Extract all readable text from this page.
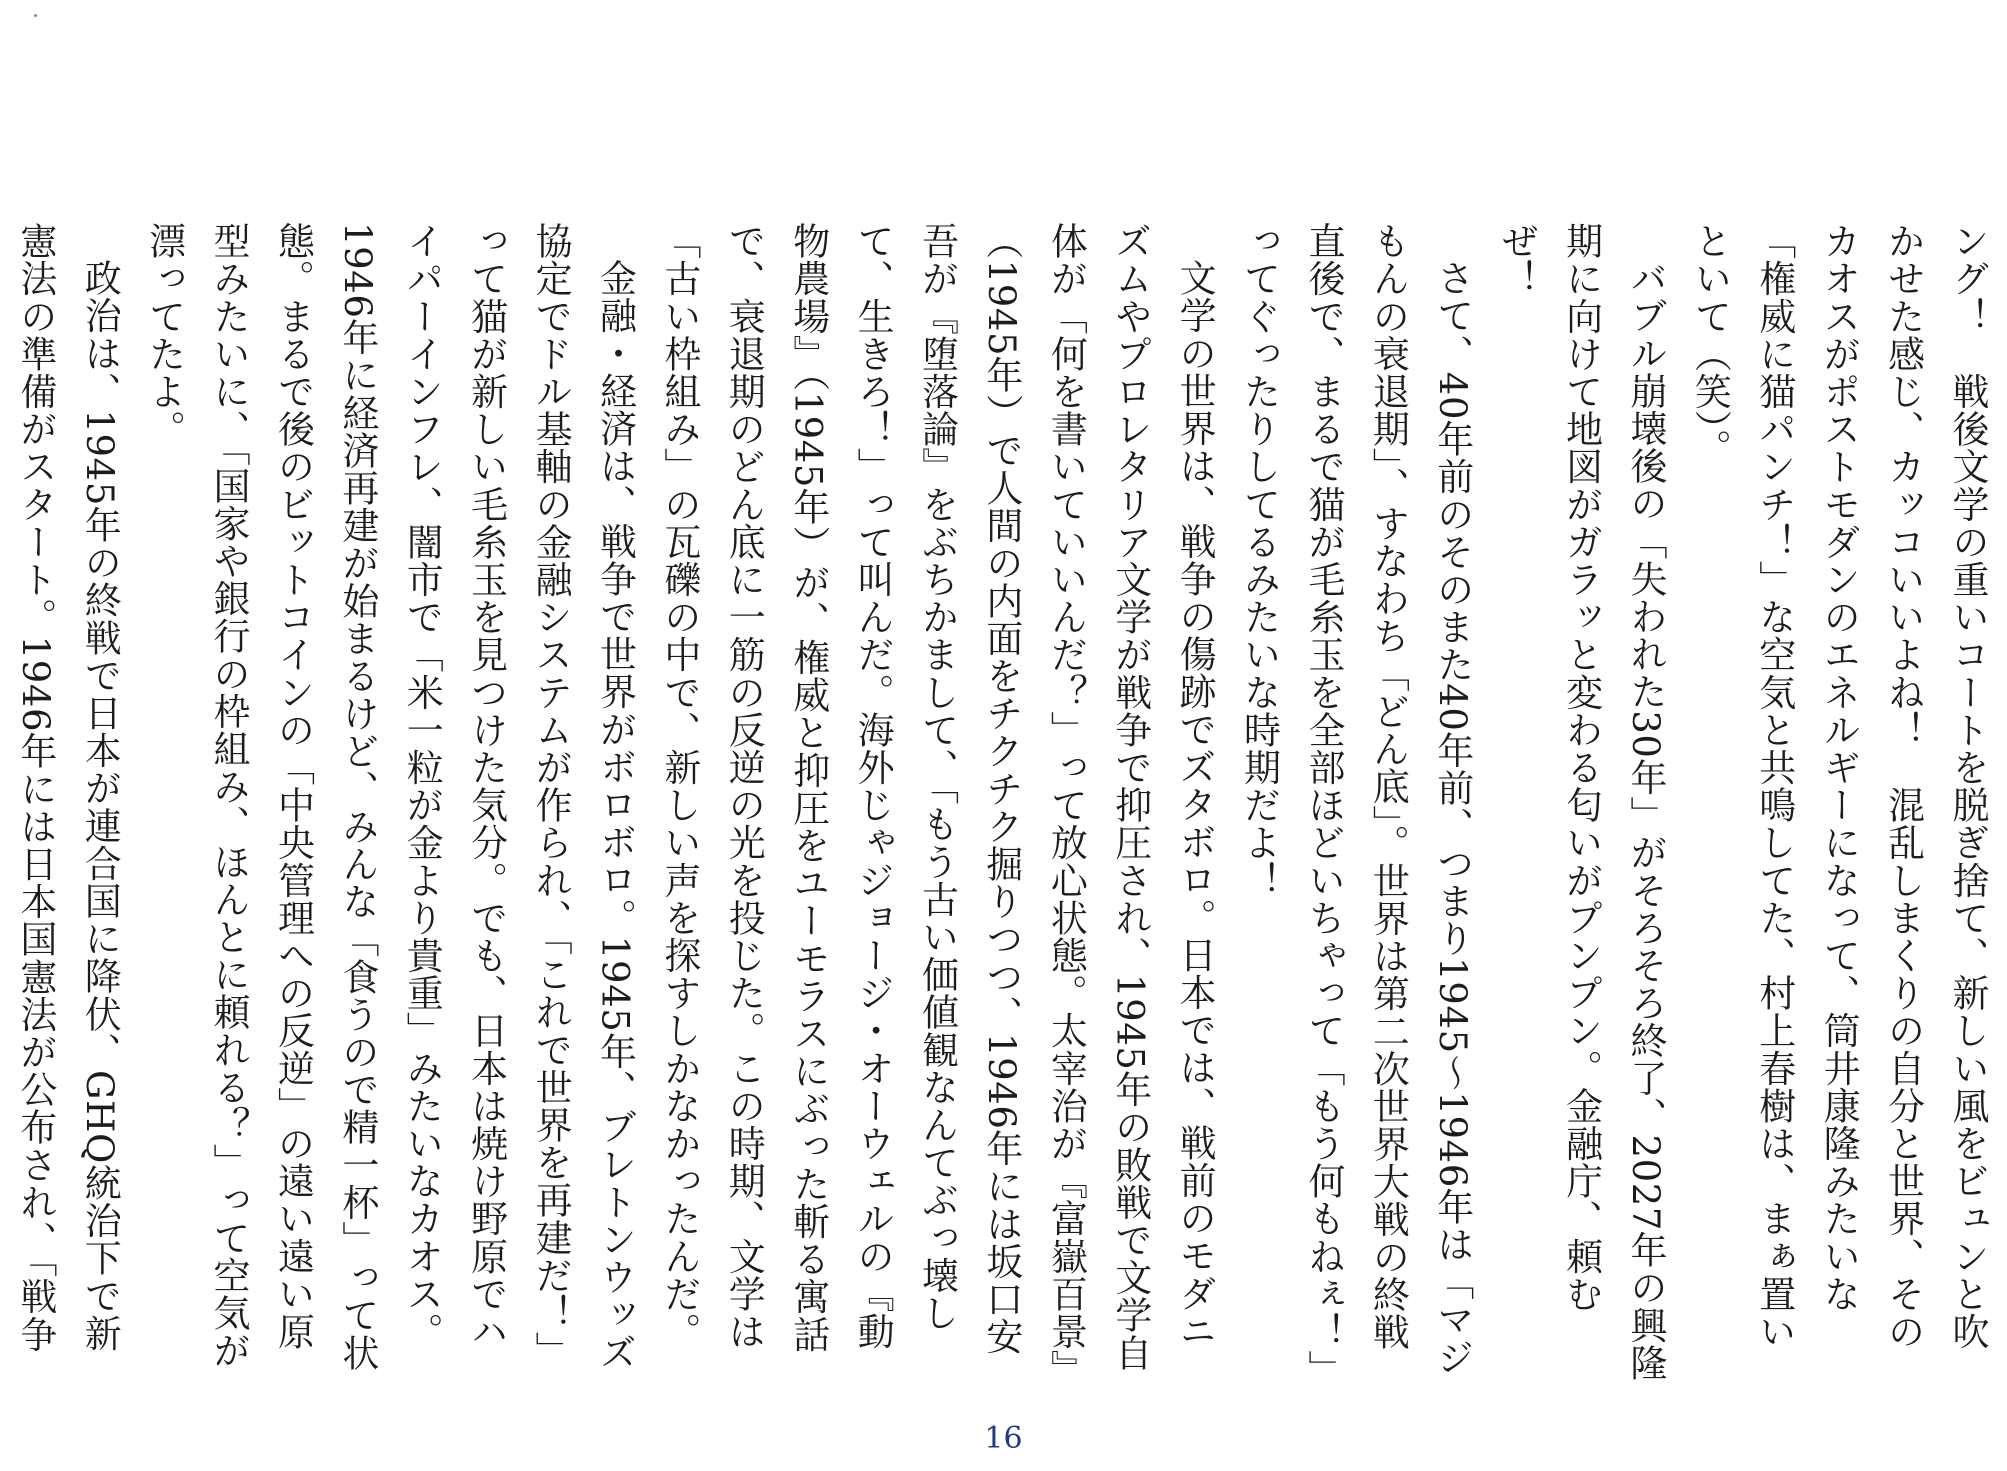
ング！　戦後文学の重いコートを脱ぎ捨て、新しい風をビュンと吹かせた感じ、カッコいいよね！　混乱しまくりの自分と世界、そのカオスがポストモダンのエネルギーになって、筒井康隆みたいな「権威に猫パンチ！」な空気と共鳴してた、村上春樹は、まぁ置いといて（笑）。

バブル崩壊後の「失われた30年」がそろそろ終了、2027年の興隆期に向けて地図がガラッと変わる匂いがプンプン。金融庁、頼むぜ！

さて、40年前のそのまた40年前、つまり1945～1946年は「マジもんの衰退期」、すなわち「どん底」。世界は第二次世界大戦の終戦直後で、まるで猫が毛糸玉を全部ほどいちゃって「もう何もねぇ！」ってぐったりしてるみたいな時期だよ！

文学の世界は、戦争の傷跡でズタボロ。日本では、戦前のモダニズムやプロレタリア文学が戦争で抑圧され、1945年の敗戦で文学自体が「何を書いていいんだ？」って放心状態。太宰治が『富嶽百景』（1945年）で人間の内面をチクチク掘りつつ、1946年には坂口安吾が『堕落論』をぶちかまして、「もう古い価値観なんてぶっ壊して、生きろ！」って叫んだ。海外じゃジョージ・オーウェルの『動物農場』（1945年）が、権威と抑圧をユーモラスにぶった斬る寓話で、衰退期のどん底に一筋の反逆の光を投じた。この時期、文学は「古い枠組み」の瓦礫の中で、新しい声を探すしかなかったんだ。

金融・経済は、戦争で世界がボロボロ。1945年、ブレトンウッズ協定でドル基軸の金融システムが作られ、「これで世界を再建だ！」って猫が新しい毛糸玉を見つけた気分。でも、日本は焼け野原でハイパーインフレ、闇市で「米一粒が金より貴重」みたいなカオス。1946年に経済再建が始まるけど、みんな「食うので精一杯」って状態。まるで後のビットコインの「中央管理への反逆」の遠い遠い原型みたいに、「国家や銀行の枠組み、ほんとに頼れる？」って空気が漂ってたよ。

政治は、1945年の終戦で日本が連合国に降伏、GHQ統治下で新憲法の準備がスタート。1946年には日本国憲法が公布され、「戦争

16
